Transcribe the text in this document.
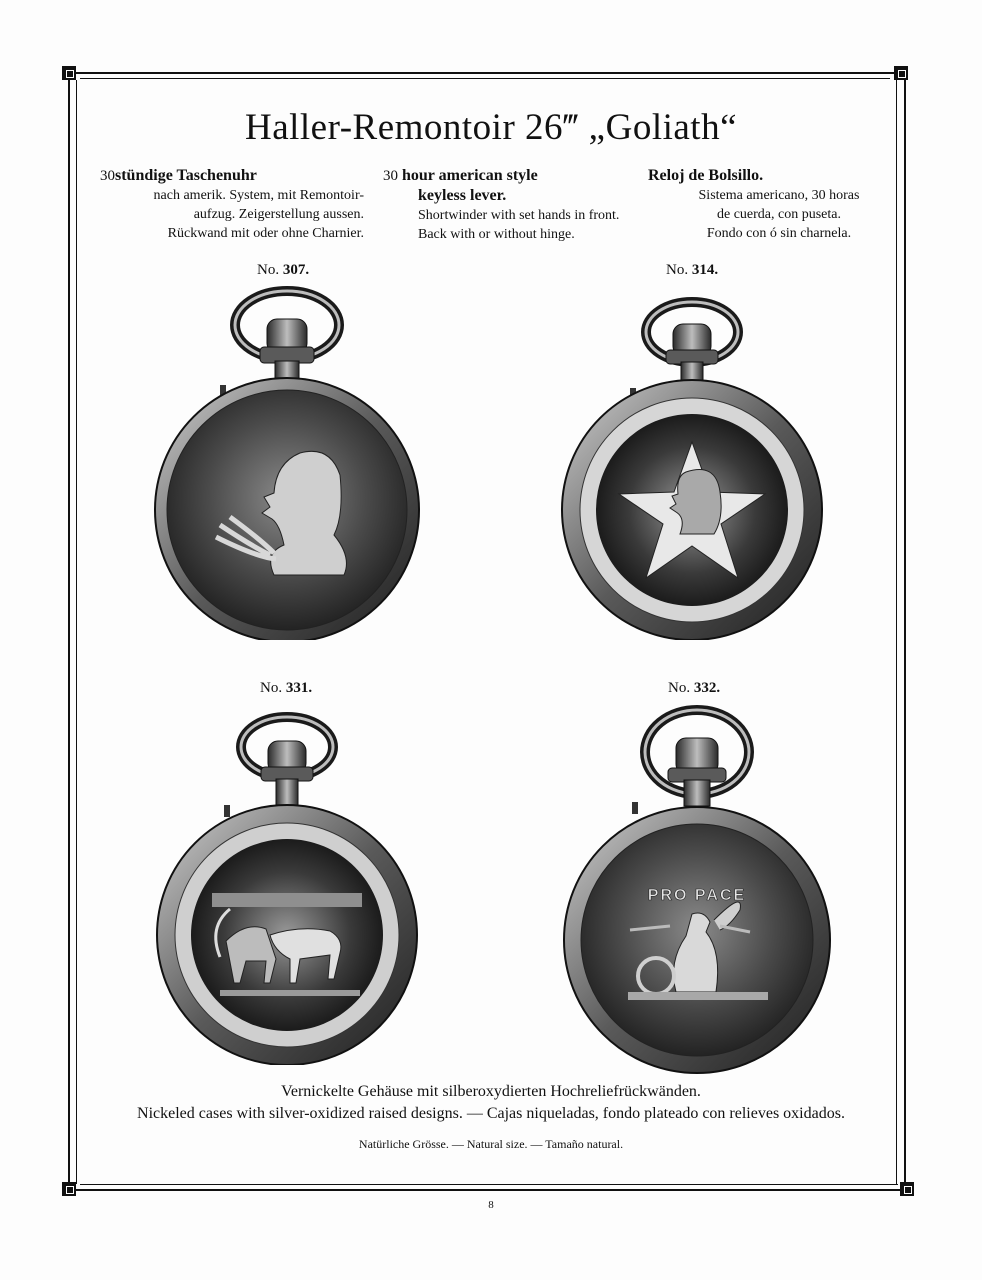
Haller-Remontoir 26‴ „Goliath“
30stündige Taschenuhr
nach amerik. System, mit Remontoir-
aufzug. Zeigerstellung aussen.
Rückwand mit oder ohne Charnier.
30 hour american style
keyless lever.
Shortwinder with set hands in front.
Back with or without hinge.
Reloj de Bolsillo.
Sistema americano, 30 horas
de cuerda, con puseta.
Fondo con ó sin charnela.
No. 307.	No. 314.
No. 331.	No. 332.
PRO PACE
Vernickelte Gehäuse mit silberoxydierten Hochreliefrückwänden.
Nickeled cases with silver-oxidized raised designs. — Cajas niqueladas, fondo plateado con relieves oxidados.
Natürliche Grösse. — Natural size. — Tamaño natural.
8
